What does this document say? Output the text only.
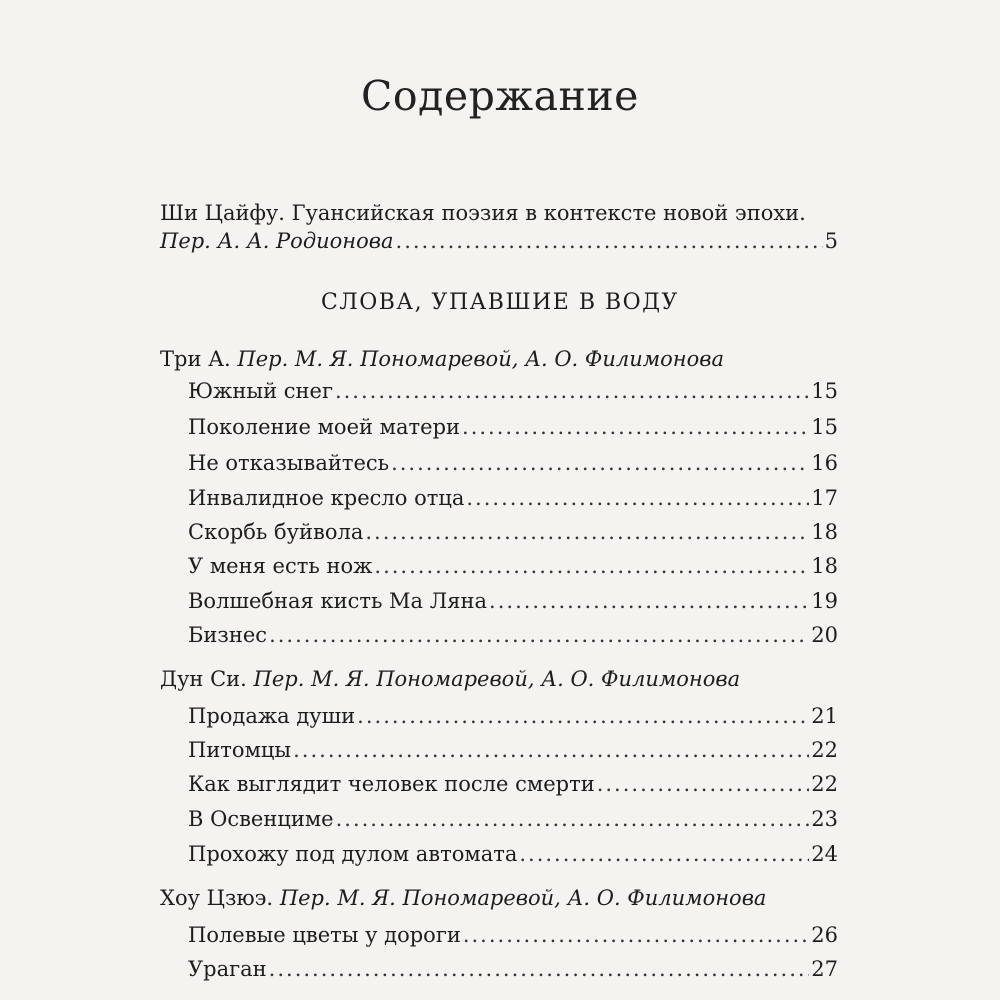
Содержание
Ши Цайфу. Гуансийская поэзия в контексте новой эпохи.
Пер. А. А. Родионова .....	5
СЛОВА, УПАВШИЕ В ВОДУ
Три А. Пер. М. Я. Пономаревой, А. О. Филимонова
Южный снег .....	15
Поколение моей матери .....	15
Не отказывайтесь .....	16
Инвалидное кресло отца .....	17
Скорбь буйвола .....	18
У меня есть нож .....	18
Волшебная кисть Ма Ляна .....	19
Бизнес .....	20
Дун Си. Пер. М. Я. Пономаревой, А. О. Филимонова
Продажа души .....	21
Питомцы .....	22
Как выглядит человек после смерти .....	22
В Освенциме .....	23
Прохожу под дулом автомата .....	24
Хоу Цзюэ. Пер. М. Я. Пономаревой, А. О. Филимонова
Полевые цветы у дороги .....	26
Ураган .....	27
